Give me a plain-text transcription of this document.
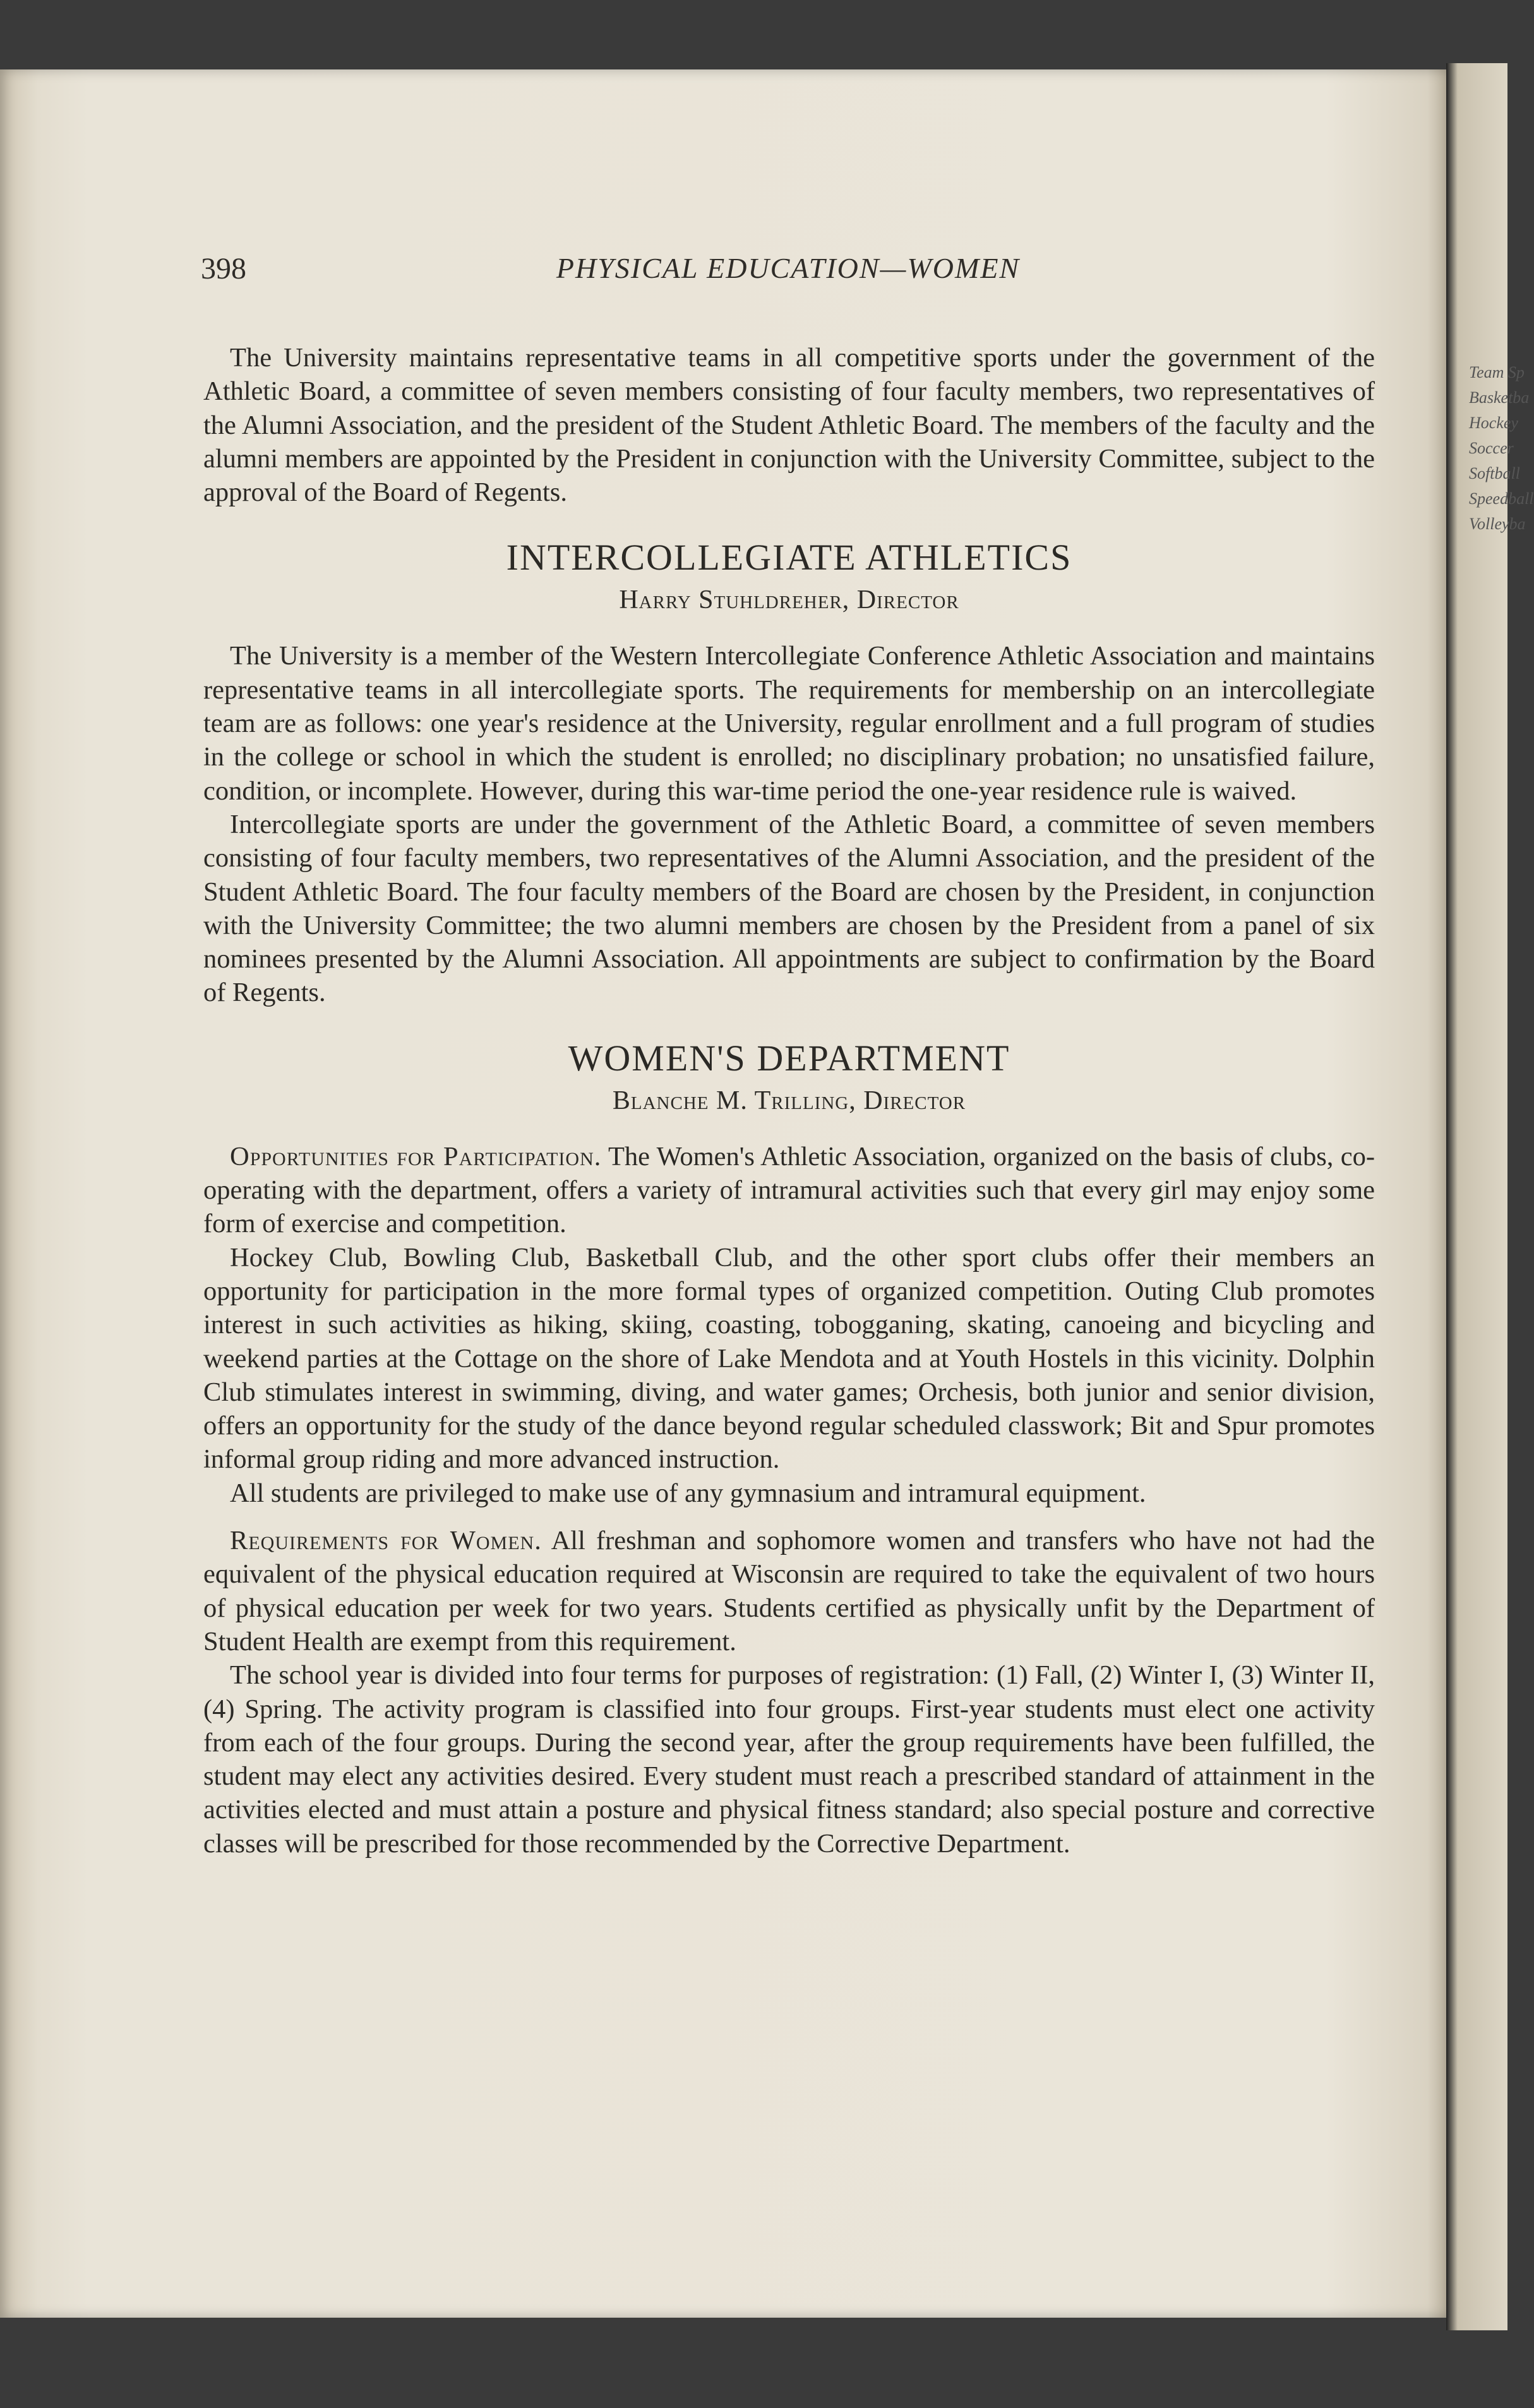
Team Sp
Basketba
Hockey
Soccer
Softball
Speedball
Volleyba
398	PHYSICAL EDUCATION—WOMEN

The University maintains representative teams in all competitive sports under the government of the Athletic Board, a committee of seven members consisting of four faculty members, two representatives of the Alumni Association, and the president of the Student Athletic Board. The members of the faculty and the alumni members are appointed by the President in conjunction with the University Committee, subject to the approval of the Board of Regents.

INTERCOLLEGIATE ATHLETICS
Harry Stuhldreher, Director

The University is a member of the Western Intercollegiate Conference Athletic Association and maintains representative teams in all intercollegiate sports. The requirements for membership on an intercollegiate team are as follows: one year's residence at the University, regular enrollment and a full program of studies in the college or school in which the student is enrolled; no disciplinary probation; no unsatisfied failure, condition, or incomplete. However, during this war-time period the one-year residence rule is waived.

Intercollegiate sports are under the government of the Athletic Board, a committee of seven members consisting of four faculty members, two representatives of the Alumni Association, and the president of the Student Athletic Board. The four faculty members of the Board are chosen by the President, in conjunction with the University Committee; the two alumni members are chosen by the President from a panel of six nominees presented by the Alumni Association. All appointments are subject to confirmation by the Board of Regents.

WOMEN'S DEPARTMENT
Blanche M. Trilling, Director

Opportunities for Participation. The Women's Athletic Association, organized on the basis of clubs, co-operating with the department, offers a variety of intramural activities such that every girl may enjoy some form of exercise and competition.

Hockey Club, Bowling Club, Basketball Club, and the other sport clubs offer their members an opportunity for participation in the more formal types of organized competition. Outing Club promotes interest in such activities as hiking, skiing, coasting, tobogganing, skating, canoeing and bicycling and weekend parties at the Cottage on the shore of Lake Mendota and at Youth Hostels in this vicinity. Dolphin Club stimulates interest in swimming, diving, and water games; Orchesis, both junior and senior division, offers an opportunity for the study of the dance beyond regular scheduled classwork; Bit and Spur promotes informal group riding and more advanced instruction.

All students are privileged to make use of any gymnasium and intramural equipment.

Requirements for Women. All freshman and sophomore women and transfers who have not had the equivalent of the physical education required at Wisconsin are required to take the equivalent of two hours of physical education per week for two years. Students certified as physically unfit by the Department of Student Health are exempt from this requirement.

The school year is divided into four terms for purposes of registration: (1) Fall, (2) Winter I, (3) Winter II, (4) Spring. The activity program is classified into four groups. First-year students must elect one activity from each of the four groups. During the second year, after the group requirements have been fulfilled, the student may elect any activities desired. Every student must reach a prescribed standard of attainment in the activities elected and must attain a posture and physical fitness standard; also special posture and corrective classes will be prescribed for those recommended by the Corrective Department.
